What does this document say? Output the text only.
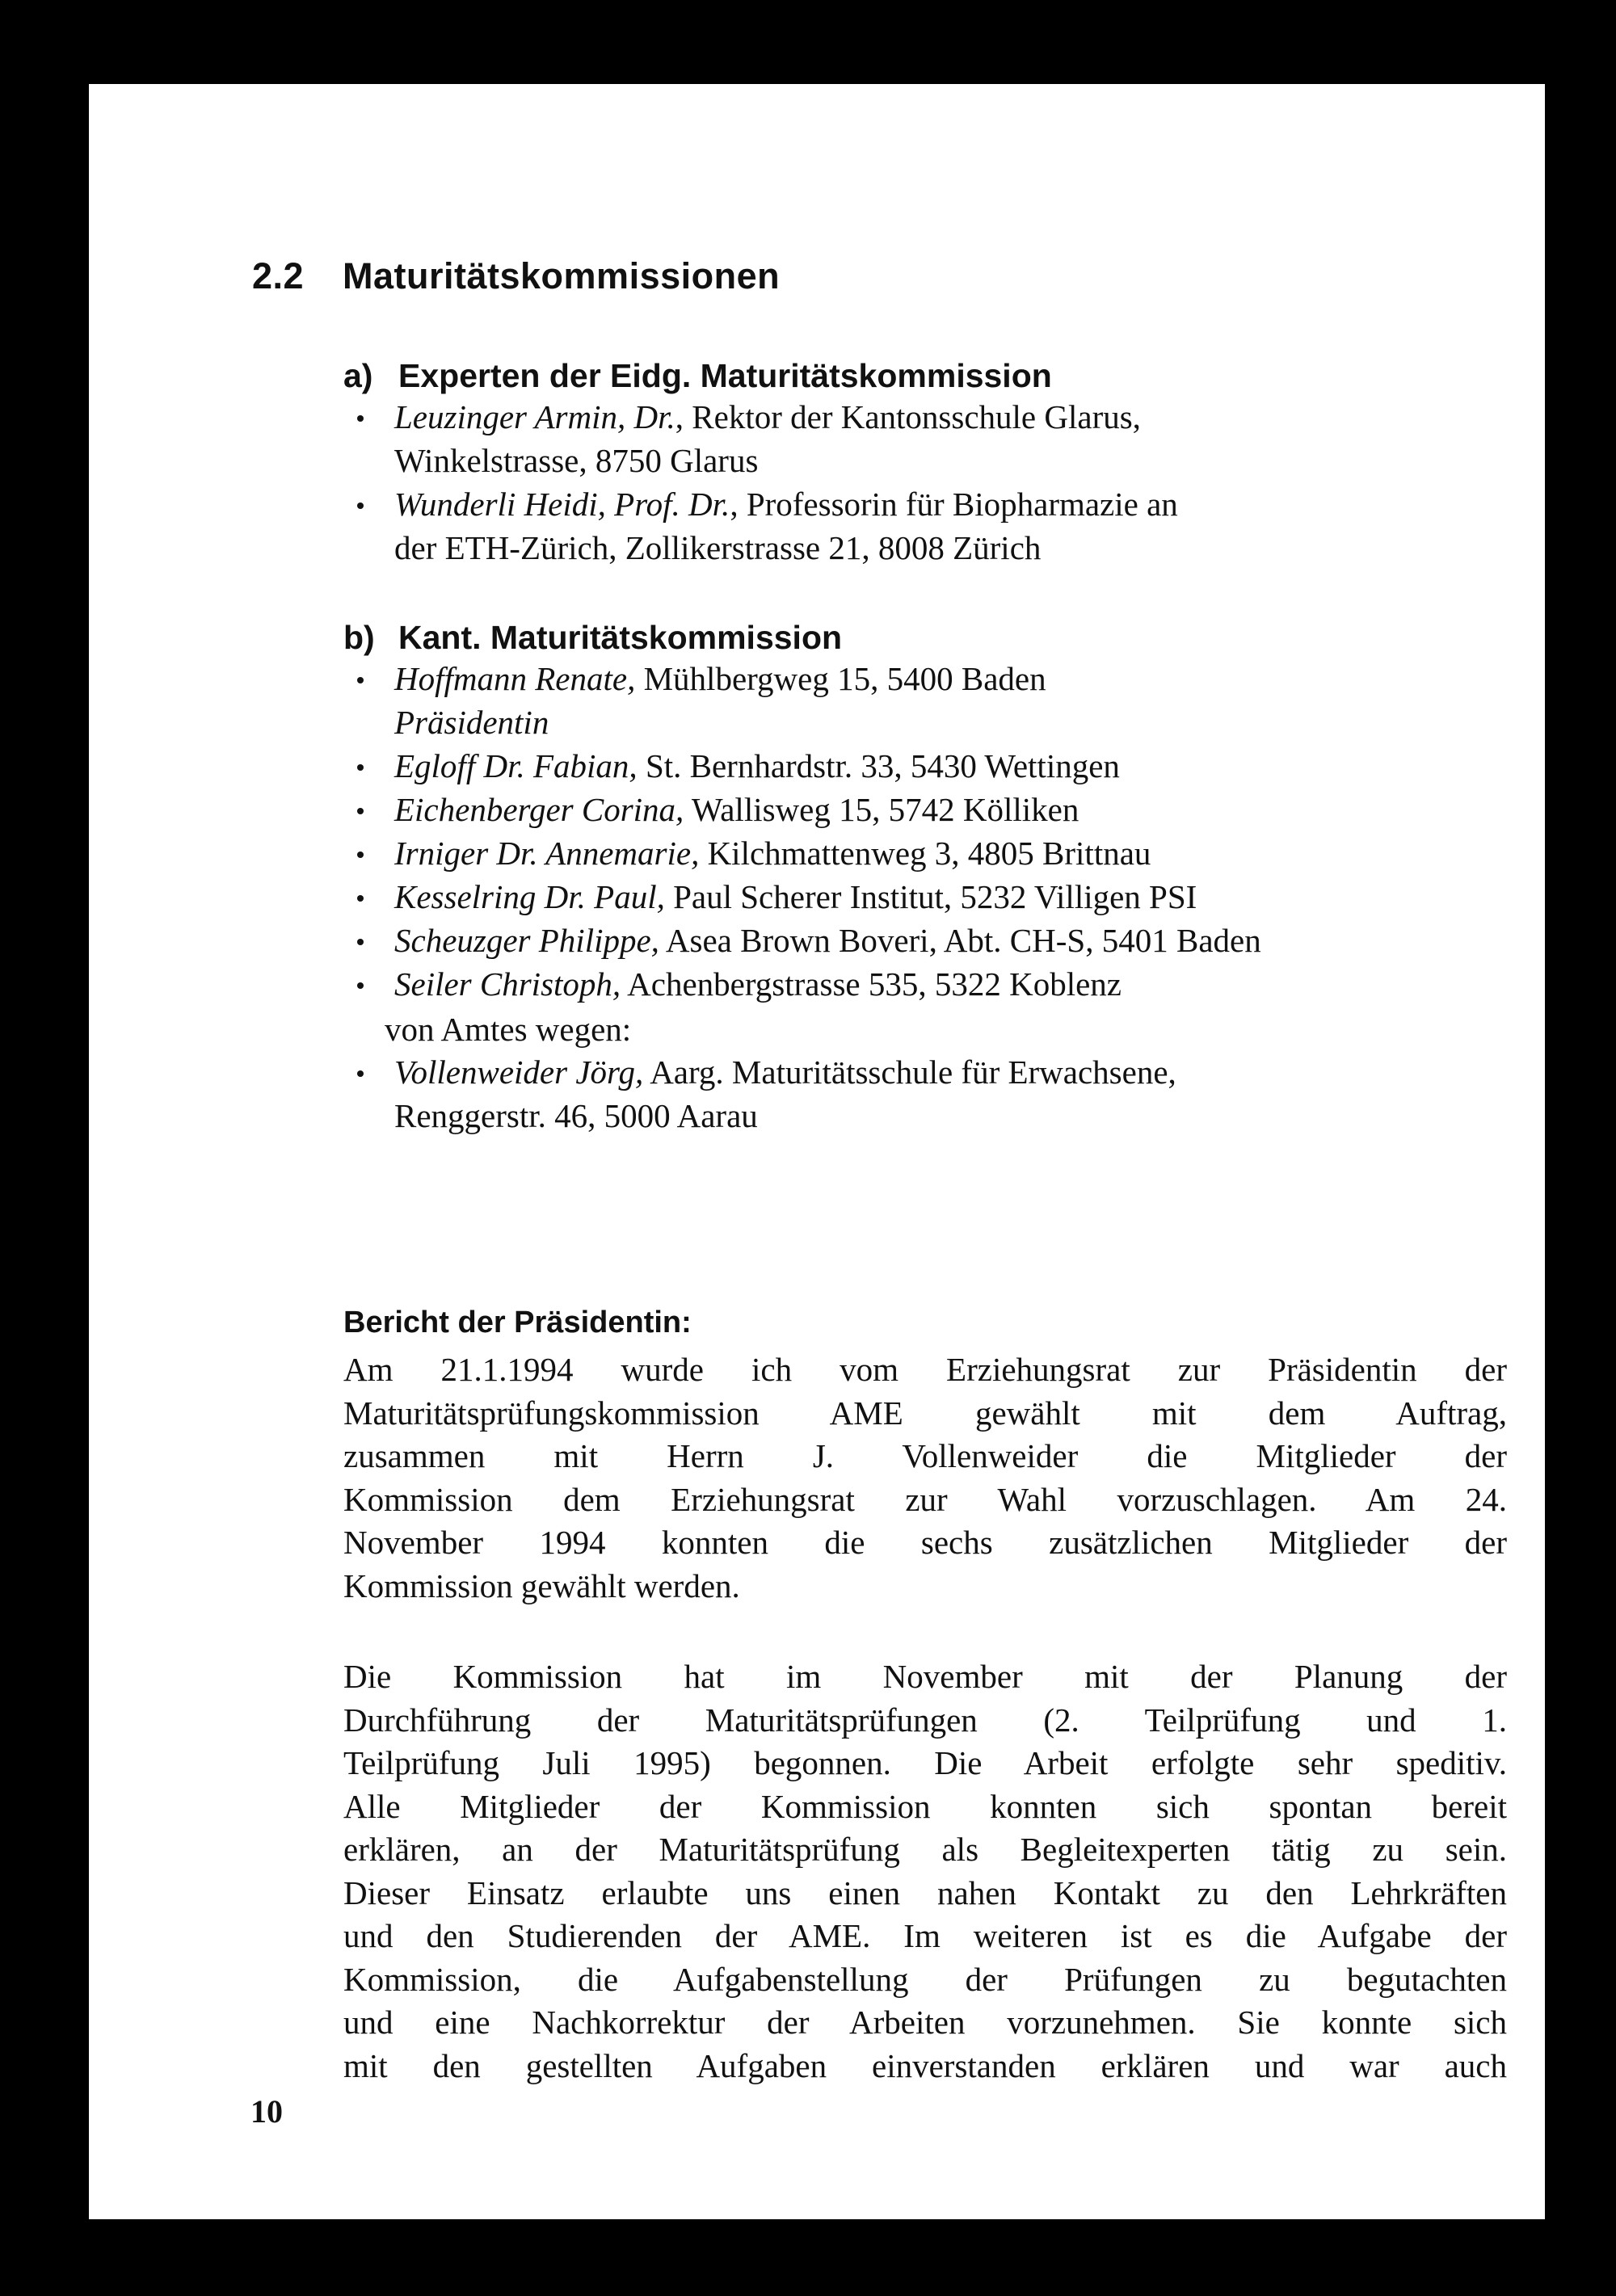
2.2 Maturitätskommissionen
a) Experten der Eidg. Maturitätskommission
Leuzinger Armin, Dr., Rektor der Kantonsschule Glarus,
Winkelstrasse, 8750 Glarus
Wunderli Heidi, Prof. Dr., Professorin für Biopharmazie an
der ETH-Zürich, Zollikerstrasse 21, 8008 Zürich
b) Kant. Maturitätskommission
Hoffmann Renate, Mühlbergweg 15, 5400 Baden
Präsidentin
Egloff Dr. Fabian, St. Bernhardstr. 33, 5430 Wettingen
Eichenberger Corina, Wallisweg 15, 5742 Kölliken
Irniger Dr. Annemarie, Kilchmattenweg 3, 4805 Brittnau
Kesselring Dr. Paul, Paul Scherer Institut, 5232 Villigen PSI
Scheuzger Philippe, Asea Brown Boveri, Abt. CH-S, 5401 Baden
Seiler Christoph, Achenbergstrasse 535, 5322 Koblenz
von Amtes wegen:
Vollenweider Jörg, Aarg. Maturitätsschule für Erwachsene,
Renggerstr. 46, 5000 Aarau
Bericht der Präsidentin:
Am 21.1.1994 wurde ich vom Erziehungsrat zur Präsidentin der
Maturitätsprüfungskommission AME gewählt mit dem Auftrag,
zusammen mit Herrn J. Vollenweider die Mitglieder der
Kommission dem Erziehungsrat zur Wahl vorzuschlagen. Am 24.
November 1994 konnten die sechs zusätzlichen Mitglieder der
Kommission gewählt werden.
Die Kommission hat im November mit der Planung der
Durchführung der Maturitätsprüfungen (2. Teilprüfung und 1.
Teilprüfung Juli 1995) begonnen. Die Arbeit erfolgte sehr speditiv.
Alle Mitglieder der Kommission konnten sich spontan bereit
erklären, an der Maturitätsprüfung als Begleitexperten tätig zu sein.
Dieser Einsatz erlaubte uns einen nahen Kontakt zu den Lehrkräften
und den Studierenden der AME. Im weiteren ist es die Aufgabe der
Kommission, die Aufgabenstellung der Prüfungen zu begutachten
und eine Nachkorrektur der Arbeiten vorzunehmen. Sie konnte sich
mit den gestellten Aufgaben einverstanden erklären und war auch
10
